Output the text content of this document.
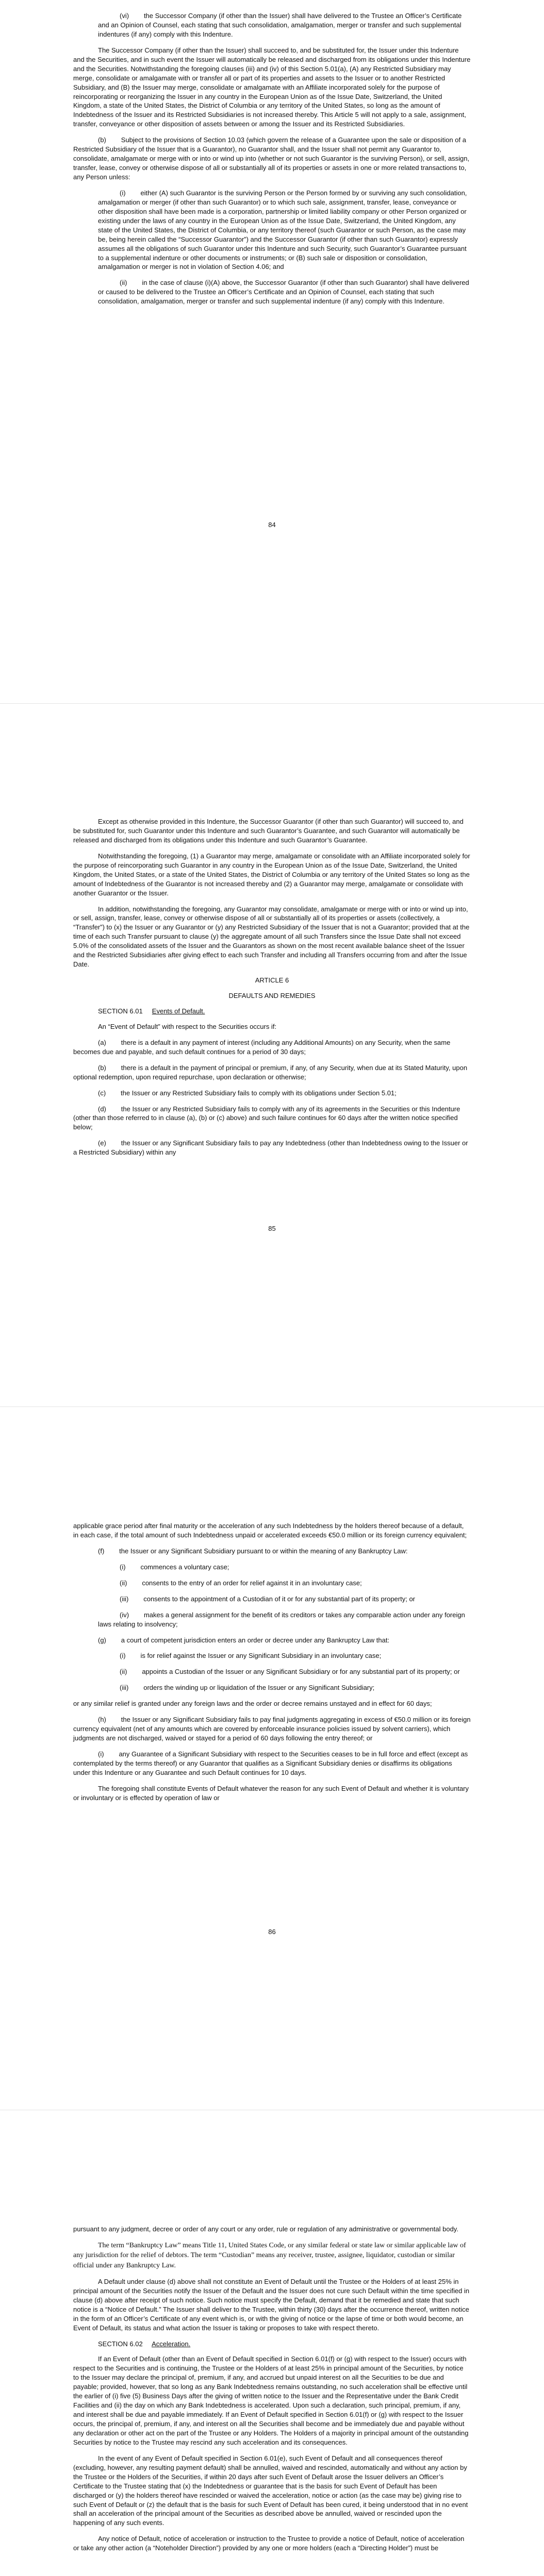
(vi)        the Successor Company (if other than the Issuer) shall have delivered to the Trustee an Officer’s Certificate and an Opinion of Counsel, each stating that such consolidation, amalgamation, merger or transfer and such supplemental indentures (if any) comply with this Indenture.

The Successor Company (if other than the Issuer) shall succeed to, and be substituted for, the Issuer under this Indenture and the Securities, and in such event the Issuer will automatically be released and discharged from its obligations under this Indenture and the Securities. Notwithstanding the foregoing clauses (iii) and (iv) of this Section 5.01(a), (A) any Restricted Subsidiary may merge, consolidate or amalgamate with or transfer all or part of its properties and assets to the Issuer or to another Restricted Subsidiary, and (B) the Issuer may merge, consolidate or amalgamate with an Affiliate incorporated solely for the purpose of reincorporating or reorganizing the Issuer in any country in the European Union as of the Issue Date, Switzerland, the United Kingdom, a state of the United States, the District of Columbia or any territory of the United States, so long as the amount of Indebtedness of the Issuer and its Restricted Subsidiaries is not increased thereby. This Article 5 will not apply to a sale, assignment, transfer, conveyance or other disposition of assets between or among the Issuer and its Restricted Subsidiaries.

(b)        Subject to the provisions of Section 10.03 (which govern the release of a Guarantee upon the sale or disposition of a Restricted Subsidiary of the Issuer that is a Guarantor), no Guarantor shall, and the Issuer shall not permit any Guarantor to, consolidate, amalgamate or merge with or into or wind up into (whether or not such Guarantor is the surviving Person), or sell, assign, transfer, lease, convey or otherwise dispose of all or substantially all of its properties or assets in one or more related transactions to, any Person unless:

(i)        either (A) such Guarantor is the surviving Person or the Person formed by or surviving any such consolidation, amalgamation or merger (if other than such Guarantor) or to which such sale, assignment, transfer, lease, conveyance or other disposition shall have been made is a corporation, partnership or limited liability company or other Person organized or existing under the laws of any country in the European Union as of the Issue Date, Switzerland, the United Kingdom, any state of the United States, the District of Columbia, or any territory thereof (such Guarantor or such Person, as the case may be, being herein called the “Successor Guarantor”) and the Successor Guarantor (if other than such Guarantor) expressly assumes all the obligations of such Guarantor under this Indenture and such Security, such Guarantor’s Guarantee pursuant to a supplemental indenture or other documents or instruments; or (B) such sale or disposition or consolidation, amalgamation or merger is not in violation of Section 4.06; and

(ii)        in the case of clause (i)(A) above, the Successor Guarantor (if other than such Guarantor) shall have delivered or caused to be delivered to the Trustee an Officer’s Certificate and an Opinion of Counsel, each stating that such consolidation, amalgamation, merger or transfer and such supplemental indenture (if any) comply with this Indenture.

84

Except as otherwise provided in this Indenture, the Successor Guarantor (if other than such Guarantor) will succeed to, and be substituted for, such Guarantor under this Indenture and such Guarantor’s Guarantee, and such Guarantor will automatically be released and discharged from its obligations under this Indenture and such Guarantor’s Guarantee.

Notwithstanding the foregoing, (1) a Guarantor may merge, amalgamate or consolidate with an Affiliate incorporated solely for the purpose of reincorporating such Guarantor in any country in the European Union as of the Issue Date, Switzerland, the United Kingdom, the United States, or a state of the United States, the District of Columbia or any territory of the United States so long as the amount of Indebtedness of the Guarantor is not increased thereby and (2) a Guarantor may merge, amalgamate or consolidate with another Guarantor or the Issuer.

In addition, notwithstanding the foregoing, any Guarantor may consolidate, amalgamate or merge with or into or wind up into, or sell, assign, transfer, lease, convey or otherwise dispose of all or substantially all of its properties or assets (collectively, a “Transfer”) to (x) the Issuer or any Guarantor or (y) any Restricted Subsidiary of the Issuer that is not a Guarantor; provided that at the time of each such Transfer pursuant to clause (y) the aggregate amount of all such Transfers since the Issue Date shall not exceed 5.0% of the consolidated assets of the Issuer and the Guarantors as shown on the most recent available balance sheet of the Issuer and the Restricted Subsidiaries after giving effect to each such Transfer and including all Transfers occurring from and after the Issue Date.

ARTICLE 6
DEFAULTS AND REMEDIES
SECTION 6.01 Events of Default.

An “Event of Default” with respect to the Securities occurs if:

(a)        there is a default in any payment of interest (including any Additional Amounts) on any Security, when the same becomes due and payable, and such default continues for a period of 30 days;

(b)        there is a default in the payment of principal or premium, if any, of any Security, when due at its Stated Maturity, upon optional redemption, upon required repurchase, upon declaration or otherwise;

(c)        the Issuer or any Restricted Subsidiary fails to comply with its obligations under Section 5.01;

(d)        the Issuer or any Restricted Subsidiary fails to comply with any of its agreements in the Securities or this Indenture (other than those referred to in clause (a), (b) or (c) above) and such failure continues for 60 days after the written notice specified below;

(e)        the Issuer or any Significant Subsidiary fails to pay any Indebtedness (other than Indebtedness owing to the Issuer or a Restricted Subsidiary) within any

85

applicable grace period after final maturity or the acceleration of any such Indebtedness by the holders thereof because of a default, in each case, if the total amount of such Indebtedness unpaid or accelerated exceeds €50.0 million or its foreign currency equivalent;

(f)        the Issuer or any Significant Subsidiary pursuant to or within the meaning of any Bankruptcy Law:

(i)        commences a voluntary case;

(ii)        consents to the entry of an order for relief against it in an involuntary case;

(iii)        consents to the appointment of a Custodian of it or for any substantial part of its property; or

(iv)        makes a general assignment for the benefit of its creditors or takes any comparable action under any foreign laws relating to insolvency;

(g)        a court of competent jurisdiction enters an order or decree under any Bankruptcy Law that:

(i)        is for relief against the Issuer or any Significant Subsidiary in an involuntary case;

(ii)        appoints a Custodian of the Issuer or any Significant Subsidiary or for any substantial part of its property; or

(iii)        orders the winding up or liquidation of the Issuer or any Significant Subsidiary;

or any similar relief is granted under any foreign laws and the order or decree remains unstayed and in effect for 60 days;

(h)        the Issuer or any Significant Subsidiary fails to pay final judgments aggregating in excess of €50.0 million or its foreign currency equivalent (net of any amounts which are covered by enforceable insurance policies issued by solvent carriers), which judgments are not discharged, waived or stayed for a period of 60 days following the entry thereof; or

(i)        any Guarantee of a Significant Subsidiary with respect to the Securities ceases to be in full force and effect (except as contemplated by the terms thereof) or any Guarantor that qualifies as a Significant Subsidiary denies or disaffirms its obligations under this Indenture or any Guarantee and such Default continues for 10 days.

The foregoing shall constitute Events of Default whatever the reason for any such Event of Default and whether it is voluntary or involuntary or is effected by operation of law or

86

pursuant to any judgment, decree or order of any court or any order, rule or regulation of any administrative or governmental body.

The term “Bankruptcy Law” means Title 11, United States Code, or any similar federal or state law or similar applicable law of any jurisdiction for the relief of debtors. The term “Custodian” means any receiver, trustee, assignee, liquidator, custodian or similar official under any Bankruptcy Law.

A Default under clause (d) above shall not constitute an Event of Default until the Trustee or the Holders of at least 25% in principal amount of the Securities notify the Issuer of the Default and the Issuer does not cure such Default within the time specified in clause (d) above after receipt of such notice. Such notice must specify the Default, demand that it be remedied and state that such notice is a “Notice of Default.” The Issuer shall deliver to the Trustee, within thirty (30) days after the occurrence thereof, written notice in the form of an Officer’s Certificate of any event which is, or with the giving of notice or the lapse of time or both would become, an Event of Default, its status and what action the Issuer is taking or proposes to take with respect thereto.

SECTION 6.02 Acceleration.

If an Event of Default (other than an Event of Default specified in Section 6.01(f) or (g) with respect to the Issuer) occurs with respect to the Securities and is continuing, the Trustee or the Holders of at least 25% in principal amount of the Securities, by notice to the Issuer may declare the principal of, premium, if any, and accrued but unpaid interest on all the Securities to be due and payable; provided, however, that so long as any Bank Indebtedness remains outstanding, no such acceleration shall be effective until the earlier of (i) five (5) Business Days after the giving of written notice to the Issuer and the Representative under the Bank Credit Facilities and (ii) the day on which any Bank Indebtedness is accelerated. Upon such a declaration, such principal, premium, if any, and interest shall be due and payable immediately. If an Event of Default specified in Section 6.01(f) or (g) with respect to the Issuer occurs, the principal of, premium, if any, and interest on all the Securities shall become and be immediately due and payable without any declaration or other act on the part of the Trustee or any Holders. The Holders of a majority in principal amount of the outstanding Securities by notice to the Trustee may rescind any such acceleration and its consequences.

In the event of any Event of Default specified in Section 6.01(e), such Event of Default and all consequences thereof (excluding, however, any resulting payment default) shall be annulled, waived and rescinded, automatically and without any action by the Trustee or the Holders of the Securities, if within 20 days after such Event of Default arose the Issuer delivers an Officer’s Certificate to the Trustee stating that (x) the Indebtedness or guarantee that is the basis for such Event of Default has been discharged or (y) the holders thereof have rescinded or waived the acceleration, notice or action (as the case may be) giving rise to such Event of Default or (z) the default that is the basis for such Event of Default has been cured, it being understood that in no event shall an acceleration of the principal amount of the Securities as described above be annulled, waived or rescinded upon the happening of any such events.

Any notice of Default, notice of acceleration or instruction to the Trustee to provide a notice of Default, notice of acceleration or take any other action (a “Noteholder Direction”) provided by any one or more holders (each a “Directing Holder”) must be
